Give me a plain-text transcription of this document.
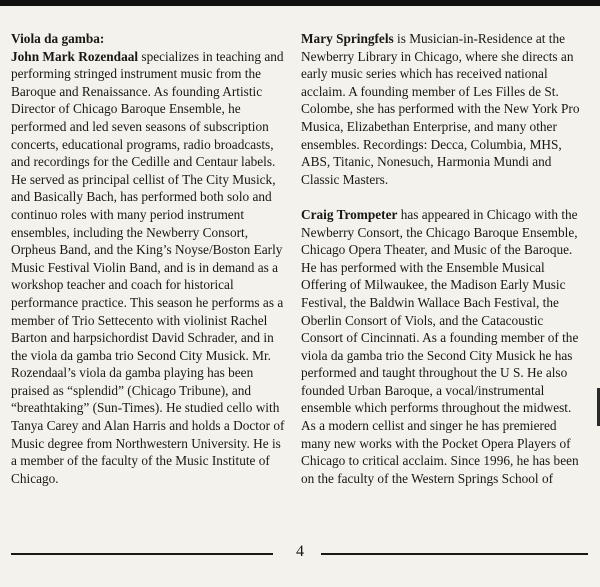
Viola da gamba:
John Mark Rozendaal specializes in teaching and performing stringed instrument music from the Baroque and Renaissance. As founding Artistic Director of Chicago Baroque Ensemble, he performed and led seven seasons of subscription concerts, educational programs, radio broadcasts, and recordings for the Cedille and Centaur labels. He served as principal cellist of The City Musick, and Basically Bach, has performed both solo and continuo roles with many period instrument ensembles, including the Newberry Consort, Orpheus Band, and the King’s Noyse/Boston Early Music Festival Violin Band, and is in demand as a workshop teacher and coach for historical performance practice. This season he performs as a member of Trio Settecento with violinist Rachel Barton and harpsichordist David Schrader, and in the viola da gamba trio Second City Musick. Mr. Rozendaal’s viola da gamba playing has been praised as “splendid” (Chicago Tribune), and “breathtaking” (Sun-Times). He studied cello with Tanya Carey and Alan Harris and holds a Doctor of Music degree from Northwestern University. He is a member of the faculty of the Music Institute of Chicago.

Mary Springfels is Musician-in-Residence at the Newberry Library in Chicago, where she directs an early music series which has received national acclaim. A founding member of Les Filles de St. Colombe, she has performed with the New York Pro Musica, Elizabethan Enterprise, and many other ensembles. Recordings: Decca, Columbia, MHS, ABS, Titanic, Nonesuch, Harmonia Mundi and Classic Masters.

Craig Trompeter has appeared in Chicago with the Newberry Consort, the Chicago Baroque Ensemble, Chicago Opera Theater, and Music of the Baroque. He has performed with the Ensemble Musical Offering of Milwaukee, the Madison Early Music Festival, the Baldwin Wallace Bach Festival, the Oberlin Consort of Viols, and the Catacoustic Consort of Cincinnati. As a founding member of the viola da gamba trio the Second City Musick he has performed and taught throughout the U S. He also founded Urban Baroque, a vocal/instrumental ensemble which performs throughout the midwest. As a modern cellist and singer he has premiered many new works with the Pocket Opera Players of Chicago to critical acclaim. Since 1996, he has been on the faculty of the Western Springs School of

4
